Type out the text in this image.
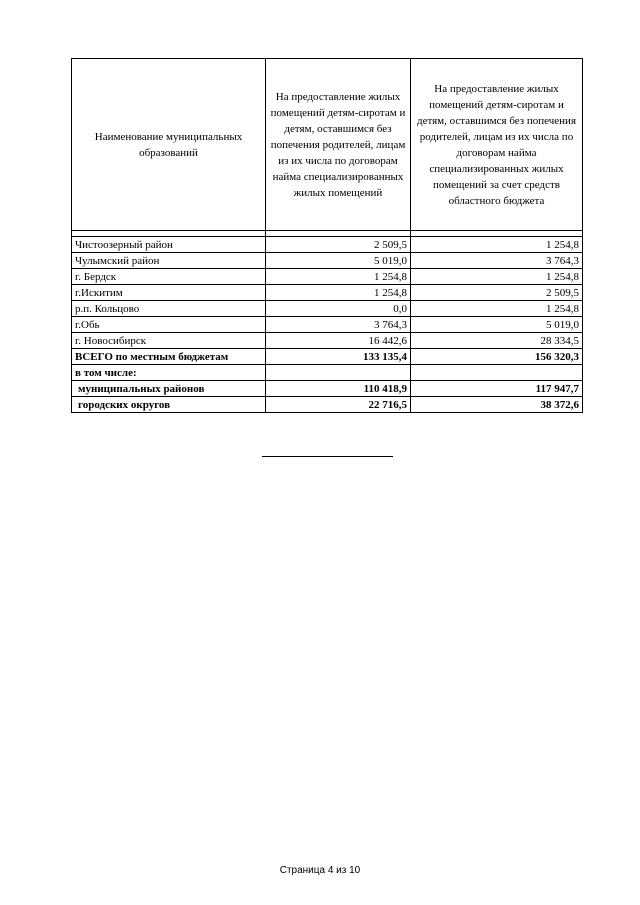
Наименование муниципальных образований	На предоставление жилых помещений детям-сиротам и детям, оставшимся без попечения родителей, лицам из их числа по договорам найма специализированных жилых помещений	На предоставление жилых помещений детям-сиротам и детям, оставшимся без попечения родителей, лицам из их числа по договорам найма специализированных жилых помещений за счет средств областного бюджета

Чистоозерный район	2 509,5	1 254,8
Чулымский район	5 019,0	3 764,3
г. Бердск	1 254,8	1 254,8
г.Искитим	1 254,8	2 509,5
р.п. Кольцово	0,0	1 254,8
г.Обь	3 764,3	5 019,0
г. Новосибирск	16 442,6	28 334,5
ВСЕГО по местным бюджетам	133 135,4	156 320,3
в том числе:		
муниципальных районов	110 418,9	117 947,7
городских округов	22 716,5	38 372,6
Страница 4 из 10
